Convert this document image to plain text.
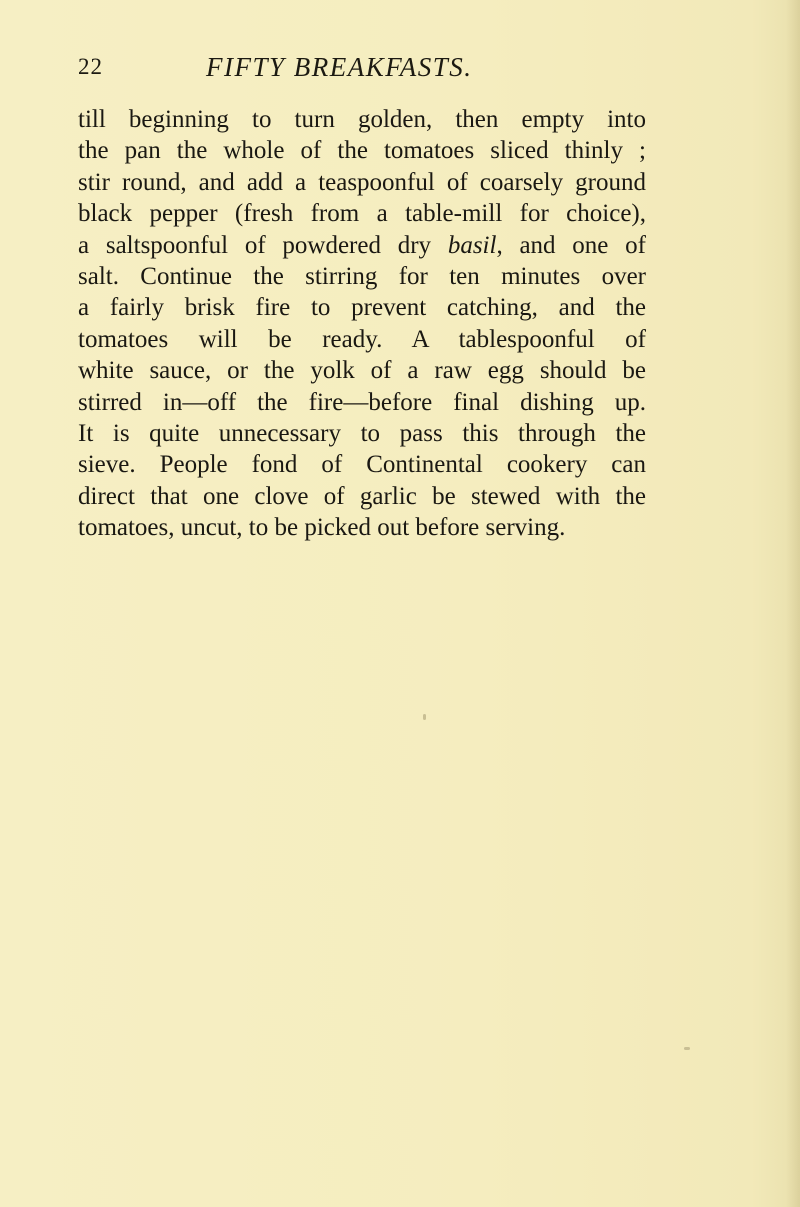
22	FIFTY BREAKFASTS.
till beginning to turn golden, then empty into
the pan the whole of the tomatoes sliced thinly ;
stir round, and add a teaspoonful of coarsely ground
black pepper (fresh from a table-mill for choice),
a saltspoonful of powdered dry basil, and one of
salt. Continue the stirring for ten minutes over
a fairly brisk fire to prevent catching, and the
tomatoes will be ready. A tablespoonful of
white sauce, or the yolk of a raw egg should be
stirred in—off the fire—before final dishing up.
It is quite unnecessary to pass this through the
sieve. People fond of Continental cookery can
direct that one clove of garlic be stewed with the
tomatoes, uncut, to be picked out before serving.
